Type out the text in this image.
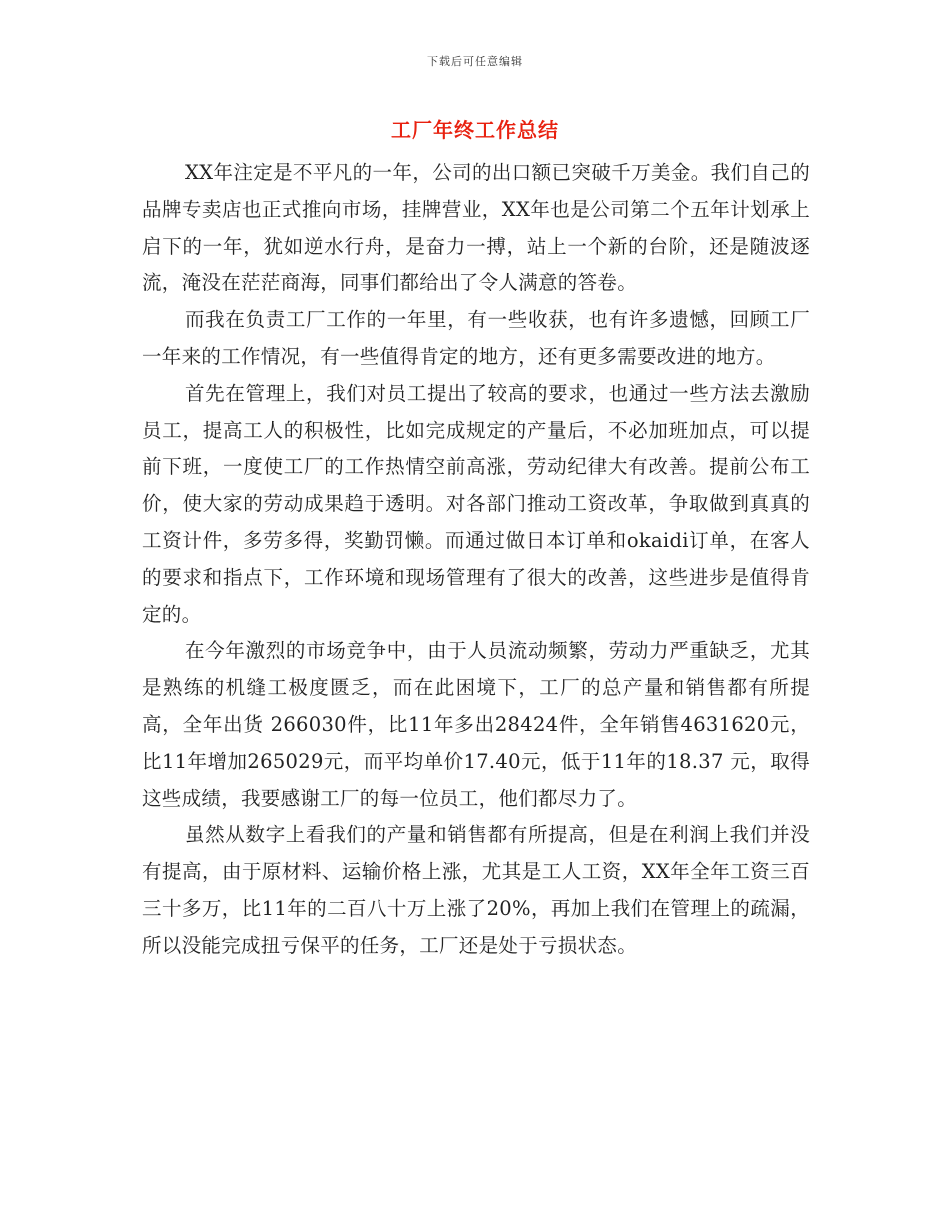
下载后可任意编辑
工厂年终工作总结

XX年注定是不平凡的一年，公司的出口额已突破千万美金。我们自己的品牌专卖店也正式推向市场，挂牌营业，XX年也是公司第二个五年计划承上启下的一年，犹如逆水行舟，是奋力一搏，站上一个新的台阶，还是随波逐流，淹没在茫茫商海，同事们都给出了令人满意的答卷。

而我在负责工厂工作的一年里，有一些收获，也有许多遗憾，回顾工厂一年来的工作情况，有一些值得肯定的地方，还有更多需要改进的地方。

首先在管理上，我们对员工提出了较高的要求，也通过一些方法去激励员工，提高工人的积极性，比如完成规定的产量后，不必加班加点，可以提前下班，一度使工厂的工作热情空前高涨，劳动纪律大有改善。提前公布工价，使大家的劳动成果趋于透明。对各部门推动工资改革，争取做到真真的工资计件，多劳多得，奖勤罚懒。而通过做日本订单和okaidi订单，在客人的要求和指点下，工作环境和现场管理有了很大的改善，这些进步是值得肯定的。

在今年激烈的市场竞争中，由于人员流动频繁，劳动力严重缺乏，尤其是熟练的机缝工极度匮乏，而在此困境下，工厂的总产量和销售都有所提高，全年出货 266030件，比11年多出28424件，全年销售4631620元，比11年增加265029元，而平均单价17.40元，低于11年的18.37 元，取得这些成绩，我要感谢工厂的每一位员工，他们都尽力了。

虽然从数字上看我们的产量和销售都有所提高，但是在利润上我们并没有提高，由于原材料、运输价格上涨，尤其是工人工资，XX年全年工资三百三十多万，比11年的二百八十万上涨了20%，再加上我们在管理上的疏漏，所以没能完成扭亏保平的任务，工厂还是处于亏损状态。
